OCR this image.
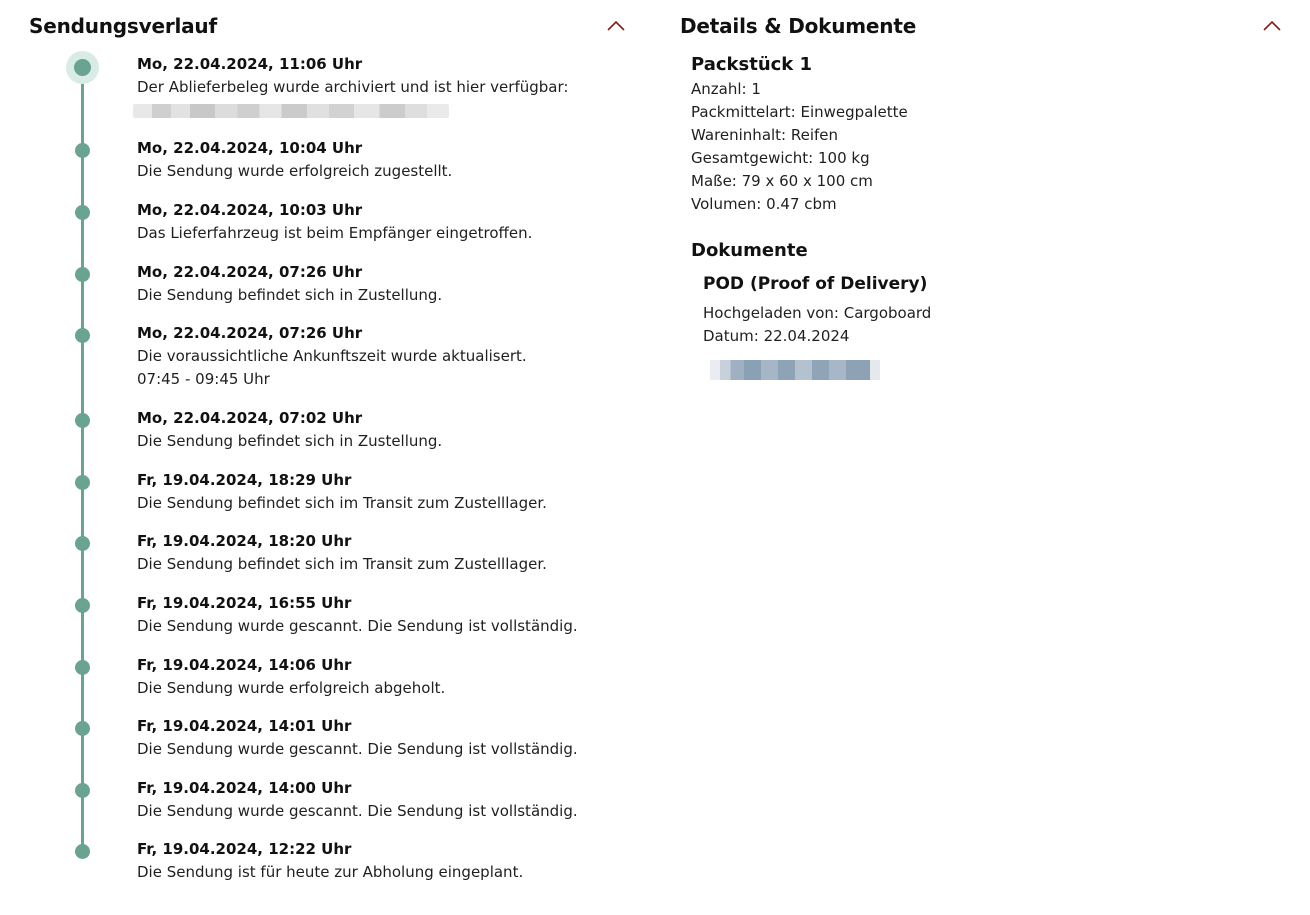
Sendungsverlauf	Details & Dokumente
Mo, 22.04.2024, 11:06 Uhr
Der Ablieferbeleg wurde archiviert und ist hier verfügbar:
Mo, 22.04.2024, 10:04 Uhr
Die Sendung wurde erfolgreich zugestellt.
Mo, 22.04.2024, 10:03 Uhr
Das Lieferfahrzeug ist beim Empfänger eingetroffen.
Mo, 22.04.2024, 07:26 Uhr
Die Sendung befindet sich in Zustellung.
Mo, 22.04.2024, 07:26 Uhr
Die voraussichtliche Ankunftszeit wurde aktualisert.
07:45 - 09:45 Uhr
Mo, 22.04.2024, 07:02 Uhr
Die Sendung befindet sich in Zustellung.
Fr, 19.04.2024, 18:29 Uhr
Die Sendung befindet sich im Transit zum Zustelllager.
Fr, 19.04.2024, 18:20 Uhr
Die Sendung befindet sich im Transit zum Zustelllager.
Fr, 19.04.2024, 16:55 Uhr
Die Sendung wurde gescannt. Die Sendung ist vollständig.
Fr, 19.04.2024, 14:06 Uhr
Die Sendung wurde erfolgreich abgeholt.
Fr, 19.04.2024, 14:01 Uhr
Die Sendung wurde gescannt. Die Sendung ist vollständig.
Fr, 19.04.2024, 14:00 Uhr
Die Sendung wurde gescannt. Die Sendung ist vollständig.
Fr, 19.04.2024, 12:22 Uhr
Die Sendung ist für heute zur Abholung eingeplant.
Packstück 1
Anzahl: 1
Packmittelart: Einwegpalette
Wareninhalt: Reifen
Gesamtgewicht: 100 kg
Maße: 79 x 60 x 100 cm
Volumen: 0.47 cbm
Dokumente
POD (Proof of Delivery)
Hochgeladen von: Cargoboard
Datum: 22.04.2024
